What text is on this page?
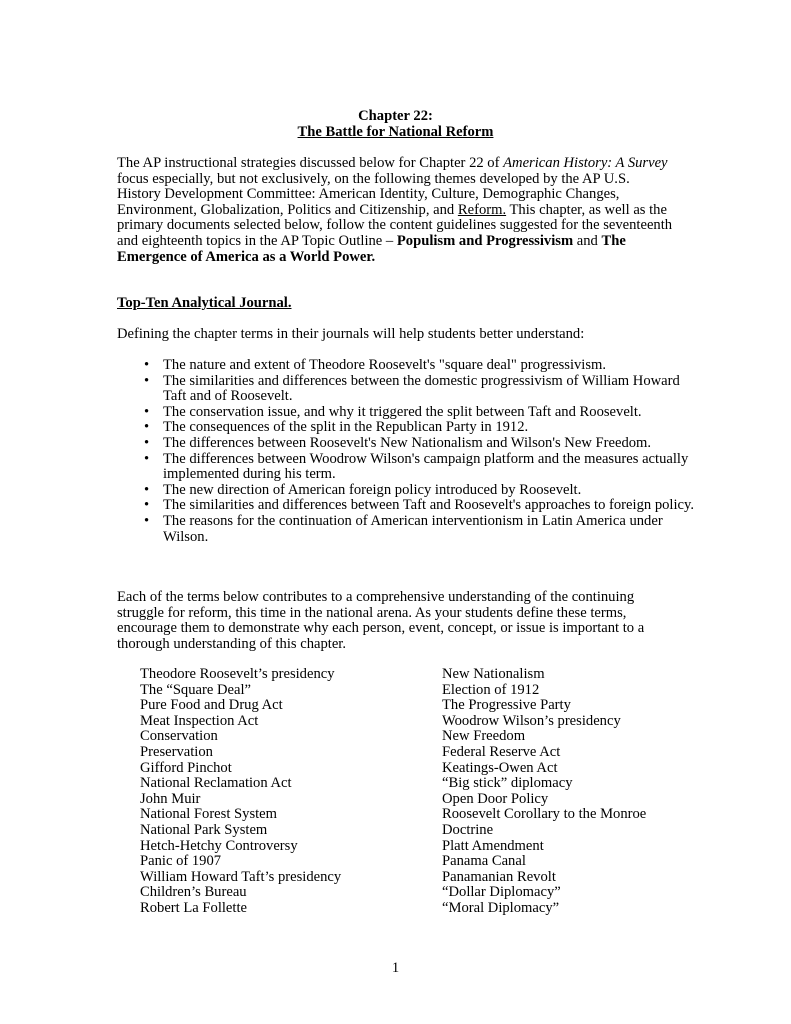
Chapter 22:
The Battle for National Reform

The AP instructional strategies discussed below for Chapter 22 of American History: A Survey focus especially, but not exclusively, on the following themes developed by the AP U.S. History Development Committee: American Identity, Culture, Demographic Changes, Environment, Globalization, Politics and Citizenship, and Reform. This chapter, as well as the primary documents selected below, follow the content guidelines suggested for the seventeenth and eighteenth topics in the AP Topic Outline – Populism and Progressivism and The Emergence of America as a World Power.

Top-Ten Analytical Journal.

Defining the chapter terms in their journals will help students better understand:

• The nature and extent of Theodore Roosevelt's "square deal" progressivism.
• The similarities and differences between the domestic progressivism of William Howard Taft and of Roosevelt.
• The conservation issue, and why it triggered the split between Taft and Roosevelt.
• The consequences of the split in the Republican Party in 1912.
• The differences between Roosevelt's New Nationalism and Wilson's New Freedom.
• The differences between Woodrow Wilson's campaign platform and the measures actually implemented during his term.
• The new direction of American foreign policy introduced by Roosevelt.
• The similarities and differences between Taft and Roosevelt's approaches to foreign policy.
• The reasons for the continuation of American interventionism in Latin America under Wilson.

Each of the terms below contributes to a comprehensive understanding of the continuing struggle for reform, this time in the national arena. As your students define these terms, encourage them to demonstrate why each person, event, concept, or issue is important to a thorough understanding of this chapter.

Theodore Roosevelt’s presidency
The “Square Deal”
Pure Food and Drug Act
Meat Inspection Act
Conservation
Preservation
Gifford Pinchot
National Reclamation Act
John Muir
National Forest System
National Park System
Hetch-Hetchy Controversy
Panic of 1907
William Howard Taft’s presidency
Children’s Bureau
Robert La Follette
New Nationalism
Election of 1912
The Progressive Party
Woodrow Wilson’s presidency
New Freedom
Federal Reserve Act
Keatings-Owen Act
“Big stick” diplomacy
Open Door Policy
Roosevelt Corollary to the Monroe
Doctrine
Platt Amendment
Panama Canal
Panamanian Revolt
“Dollar Diplomacy”
“Moral Diplomacy”
1
